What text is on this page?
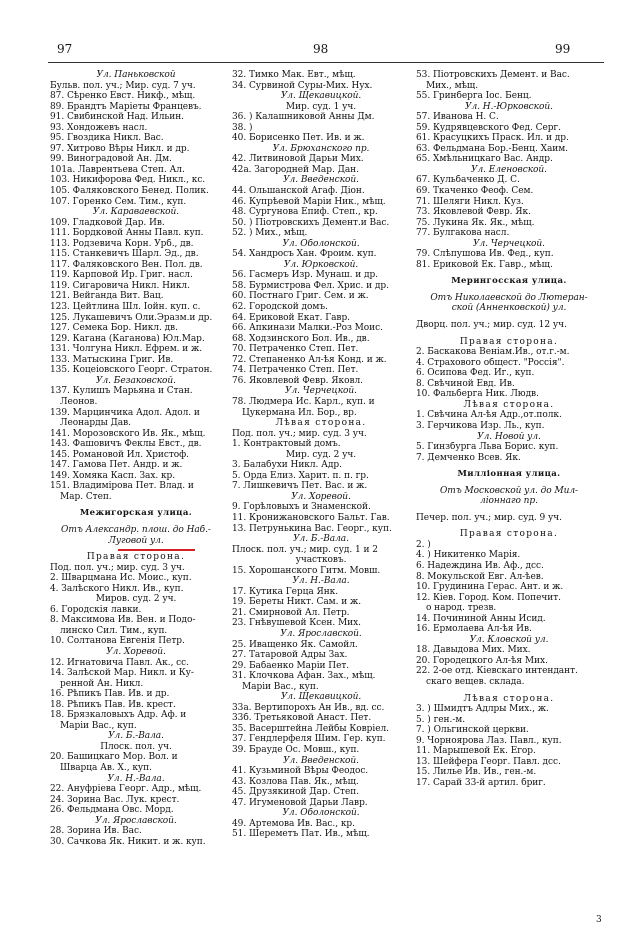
97	98	99
Ул. Паньковской
Бульв. пол. уч.; Мир. суд. 7 уч.
87. Сѣренко Евст. Никф., мѣщ.
89. Брандтъ Маріеты Францевъ.
91. Свибинской Над. Ильин.
93. Хондожевъ насл.
95. Гвоздика Никл. Вас.
97. Хитрово Вѣры Никл. и др.
99. Виноградовой Ан. Дм.
101а. Лаврентьева Степ. Ал.
103. Никифорова Фед. Никл., кс.
105. Фаляковского Бенед. Полик.
107. Горенко Сем. Тим., куп.
Ул. Караваевской.
109. Гладковой Дар. Ив.
111. Бордковой Анны Павл. куп.
113. Родзевича Корн. Урб., дв.
115. Станкевичъ Шарл. Эд., дв.
117. Фаляковского Вен. Пол. дв.
119. Карповой Ир. Григ. насл.
119. Сигаровича Никл. Никл.
121. Вейганда Вит. Вац.
123. Цейтлина Шл. Іойн. куп. с.
125. Лукашевичъ Оли.Эразм.и др.
127. Семека Бор. Никл. дв.
129. Кагана (Каганова) Юл.Мар.
131. Чолгуна Никл. Ефрем. и ж.
133. Матыскина Григ. Ив.
135. Коцеіовского Георг. Стратон.
Ул. Безаковской.
137. Кулишъ Марьяна и Стан.
Леонов.
139. Марцинчика Адол. Адол. и
Леонарды Дав.
141. Морозовского Ив. Як., мѣщ.
143. Фашовичъ Феклы Евст., дв.
145. Романовой Ил. Христоф.
147. Гамова Пет. Андр. и ж.
149. Хомяка Касп. Зах. кр.
151. Владимірова Пет. Влад. и
Мар. Степ.
Межигорская улица.
Отъ Александр. плош. до Наб.-
Луговой ул.
Правая сторона.
Под. пол. уч.; мир. суд. 3 уч.
2. Шварцмана Ис. Моис., куп.
4. Залѣского Никл. Ив., куп.
Миров. суд. 2 уч.
6. Городскія лавки.
8. Максимова Ив. Вен. и Подо-
линско Сил. Тим., куп.
10. Солтанова Евгенія Петр.
Ул. Хоревой.
12. Игнатовича Павл. Ак., сс.
14. Залѣской Мар. Никл. и Ку-
ренной Ан. Никл.
16. Рѣпикъ Пав. Ив. и др.
18. Рѣпикъ Пав. Ив. крест.
18. Брязкаловыхъ Адр. Аф. и
Маріи Вас., куп.
Ул. Б.-Вала.
Плоск. пол. уч.
20. Башицкаго Мор. Вол. и
Шварца Ав. Х., куп.
Ул. Н.-Вала.
22. Ануфріева Георг. Адр., мѣщ.
24. Зорина Вас. Лук. крест.
26. Фельдмана Овс. Морд.
Ул. Ярославской.
28. Зорина Ив. Вас.
30. Сачкова Як. Никит. и ж. куп.
32. Тимко Мак. Евт., мѣщ.
34. Сурвиной Суры-Мих. Нух.
Ул. Щекавицкой.
Мир. суд. 1 уч.
36. ) Калашниковой Анны Дм.
38. )
40. Борисенко Пет. Ив. и ж.
Ул. Брюханского пр.
42. Литвиновой Дарьи Мих.
42а. Загородней Мар. Дан.
Ул. Введенской.
44. Ольшанской Агаф. Діон.
46. Купрѣевой Маріи Ник., мѣщ.
48. Сургунова Епиф. Степ., кр.
50. ) Піотровскихъ Демент.и Вас.
52. ) Мих., мѣщ.
Ул. Оболонской.
54. Хандросъ Хан. Фроим. куп.
Ул. Юрковской.
56. Гасмеръ Изр. Мунаш. и др.
58. Бурмистрова Фел. Хрис. и др.
60. Постнаго Григ. Сем. и ж.
62. Городской домъ.
64. Ериковой Екат. Гавр.
66. Апкинази Малки.-Роз Моис.
68. Ходзинского Бол. Ив., дв.
70. Петраченко Степ. Пет.
72. Степаненко Ал-ѣя Конд. и ж.
74. Петраченко Степ. Пет.
76. Яковлевой Февр. Яковл.
Ул. Черчецкой.
78. Людмера Ис. Карл., куп. и
Цукермана Ил. Бор., вр.
Лѣвая сторона.
Под. пол. уч.; мир. суд. 3 уч.
1. Контрактовый домъ.
Мир. суд. 2 уч.
3. Балабухи Никл. Адр.
5. Орда Елиз. Харит. п. п. гр.
7. Лишкевичъ Пет. Вас. и ж.
Ул. Хоревой.
9. Горѣловыхъ и Знаменской.
11. Кронижановского Бальт. Гав.
13. Петрунькина Вас. Георг., куп.
Ул. Б.-Вала.
Плоск. пол. уч.; мир. суд. 1 и 2
участковъ.
15. Хорошанского Гитм. Мовш.
Ул. Н.-Вала.
17. Кутика Герца Янк.
19. Береты Никт. Сам. и ж.
21. Смирновой Ал. Петр.
23. Гнѣвушевой Ксен. Мих.
Ул. Ярославской.
25. Иващенко Як. Самойл.
27. Татаровой Адры Зах.
29. Бабаенко Маріи Пет.
31. Клочкова Афан. Зах., мѣщ.
Маріи Вас., куп.
Ул. Щекавицкой.
33а. Вертипорохъ Ан Ив., вд. сс.
33б. Третьяковой Анаст. Пет.
35. Васерштейна Лейбы Ковріел.
37. Гендлерфеля Шим. Гер. куп.
39. Брауде Ос. Мовш., куп.
Ул. Введенской.
41. Кузьминой Вѣры Феодос.
43. Козлова Пав. Як., мѣщ.
45. Друзякиной Дар. Степ.
47. Игуменовой Дарьи Лавр.
Ул. Оболонской.
49. Артемова Ив. Вас., кр.
51. Шереметъ Пат. Ив., мѣщ.
53. Піотровскихъ Демент. и Вас.
Мих., мѣщ.
55. Гринберга Іос. Бенц.
Ул. Н.-Юрковской.
57. Иванова Н. С.
59. Кудрявцевского Фед. Серг.
61. Красуцкихъ Праск. Ил. и др.
63. Фельдмана Бор.-Бенц. Хаим.
65. Хмѣльницкаго Вас. Андр.
Ул. Еленовской.
67. Кульбаченко Д. С.
69. Ткаченко Феоф. Сем.
71. Шеляги Никл. Куз.
73. Яковлевой Февр. Як.
75. Лукина Як. Як., мѣщ.
77. Булгакова насл.
Ул. Черчецкой.
79. Слѣпушова Ив. Фед., куп.
81. Ериковой Ек. Гавр., мѣщ.
Мерингосская улица.
Отъ Николаевской до Лютеран-
ской (Анненковской) ул.
Дворц. пол. уч.; мир. суд. 12 уч.
Правая сторона.
2. Баскакова Веніам.Ив., от.г.-м.
4. Страхового общест. "Россія".
6. Осипова Фед. Иг., куп.
8. Свѣчиной Евд. Ив.
10. Фальберга Ник. Людв.
Лѣвая сторона.
1. Свѣчина Ал-ѣя Адр.,от.полк.
3. Герчикова Изр. Ль., куп.
Ул. Новой ул.
5. Гинзбурга Льва Борис. куп.
7. Демченко Всев. Як.
Милліонная улица.
Отъ Московской ул. до Мил-
ліоннаго пр.
Печер. пол. уч.; мир. суд. 9 уч.
Правая сторона.
2. )
4. ) Никитенко Марія.
6. Надеждина Ив. Аф., дсс.
8. Мокульской Евг. Ал-ѣев.
10. Грудинина Герас. Ант. и ж.
12. Кіев. Город. Ком. Попечит.
о народ. трезв.
14. Почининой Анны Исид.
16. Ермолаева Ал-ѣя Ив.
Ул. Кловской ул.
18. Давыдова Мих. Мих.
20. Городецкого Ал-ѣя Мих.
22. 2-ое отд. Кіевскаго интендант.
скаго вещев. склада.
Лѣвая сторона.
3. ) Шмидтъ Адлры Мих., ж.
5. ) ген.-м.
7. ) Ольгинской церкви.
9. Чорноярова Лаз. Павл., куп.
11. Марышевой Ек. Егор.
13. Шейфера Георг. Павл. дсс.
15. Лилье Ив. Ив., ген.-м.
17. Сарай 33-й артил. бриг.
3
